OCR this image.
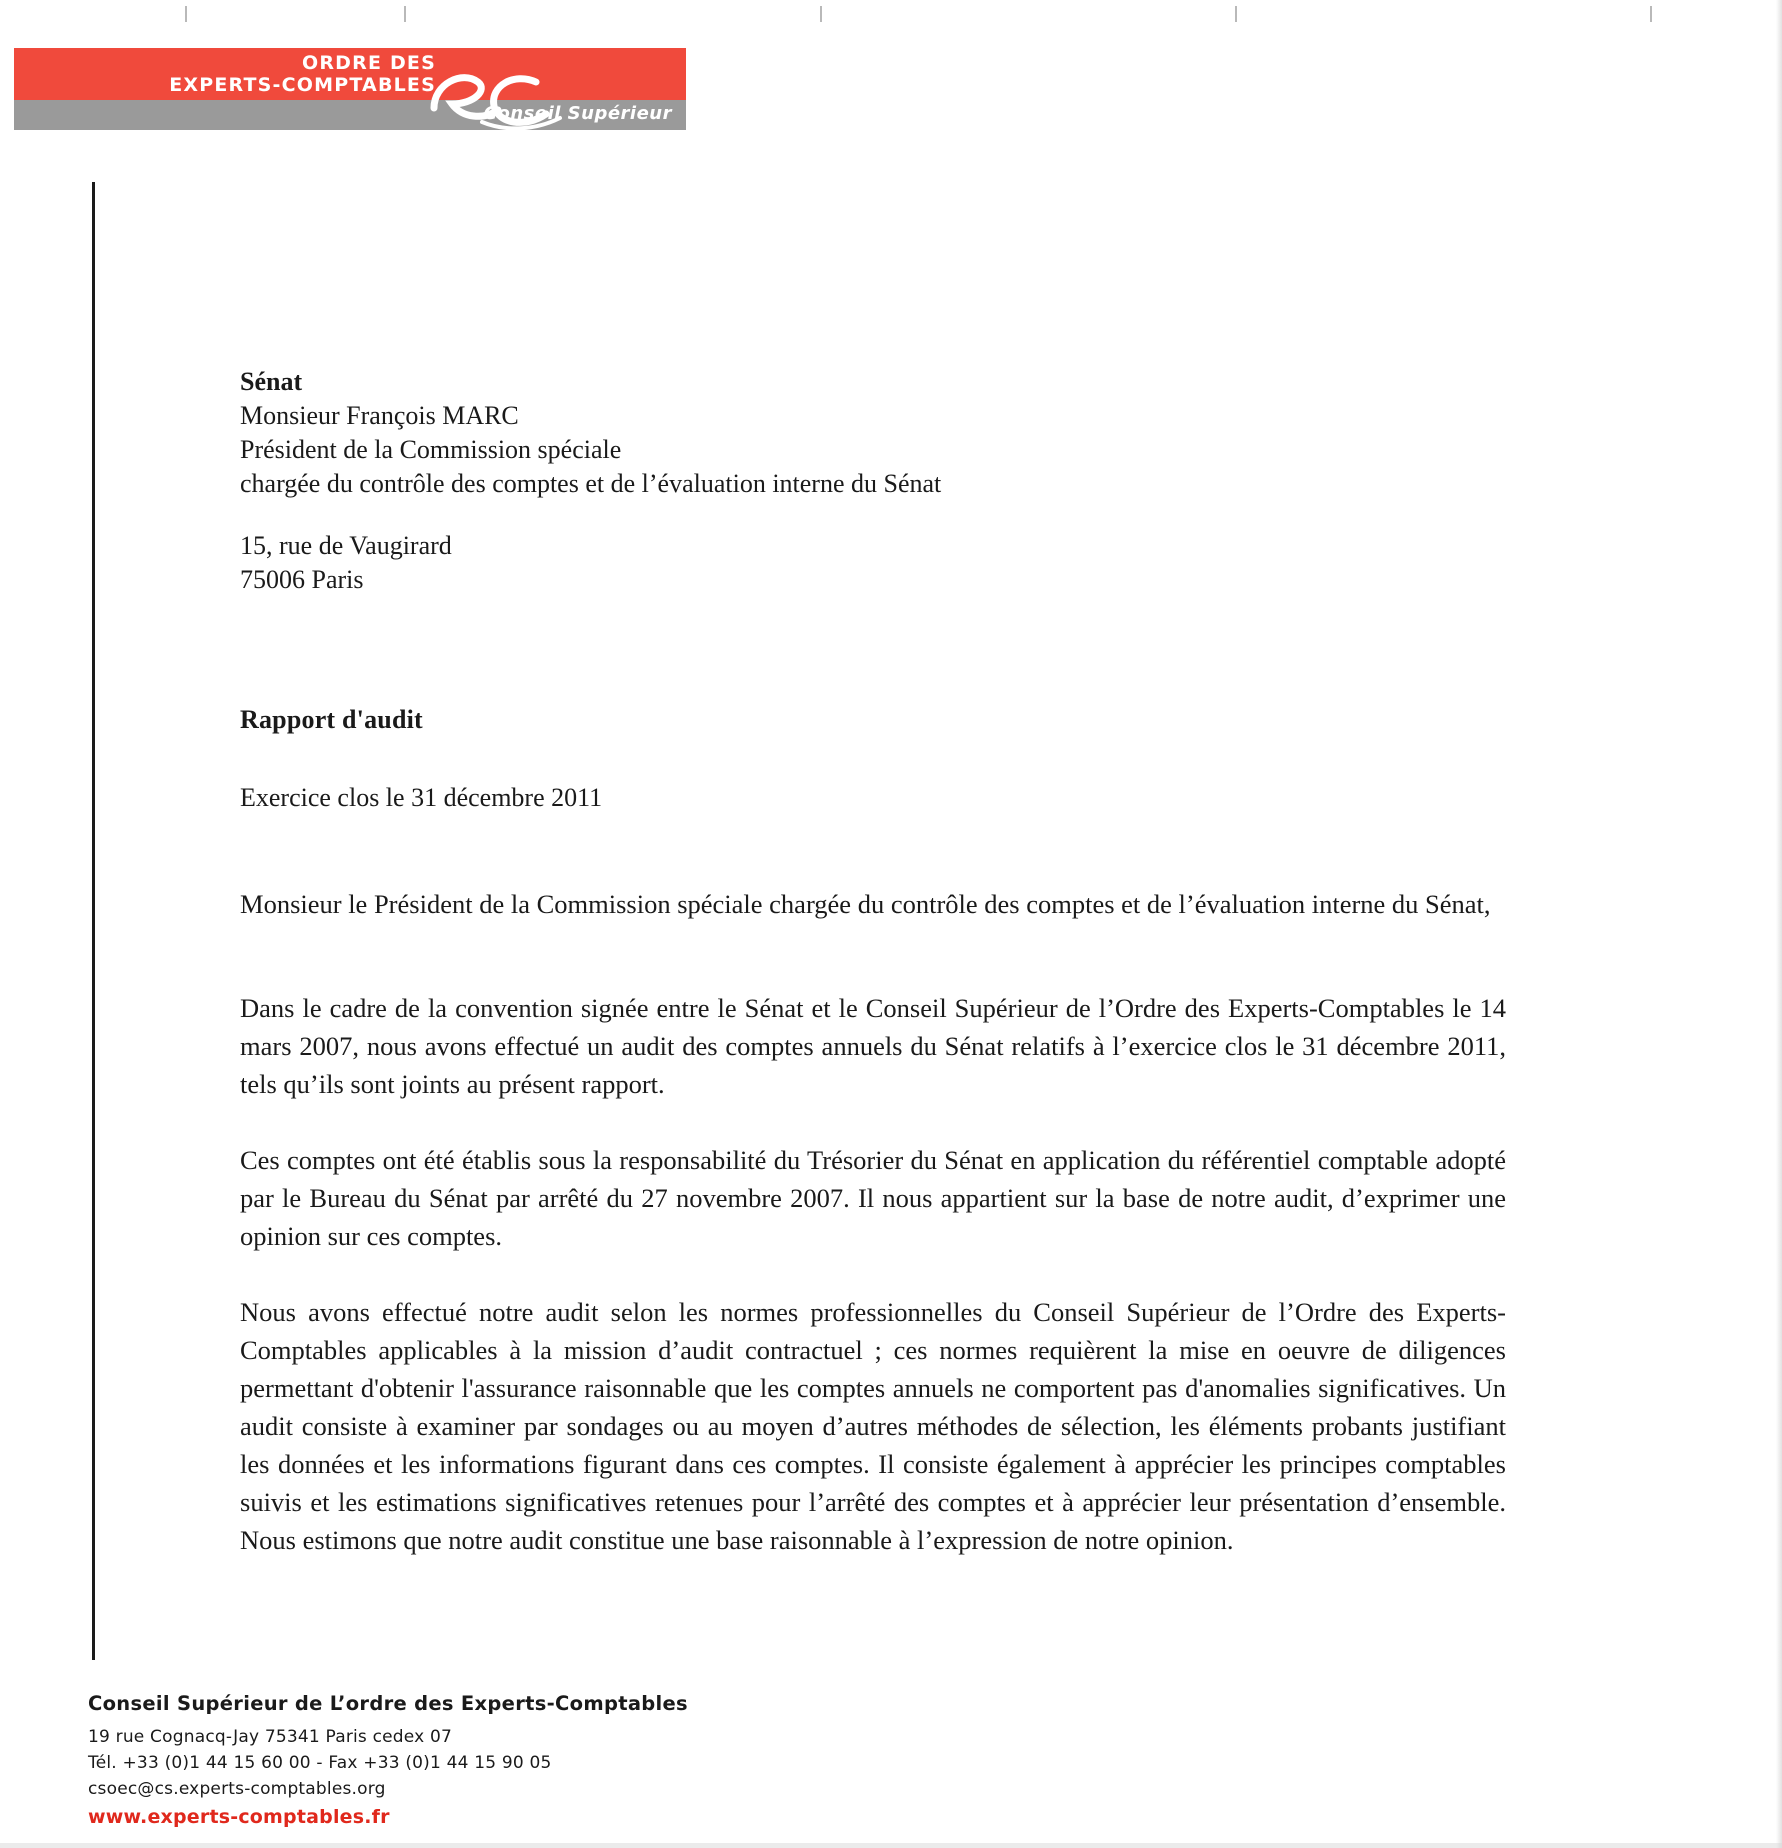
ORDRE DES
EXPERTS-COMPTABLES
Conseil Supérieur
Sénat
Monsieur François MARC
Président de la Commission spéciale
chargée du contrôle des comptes et de l’évaluation interne du Sénat
15, rue de Vaugirard
75006 Paris
Rapport d'audit
Exercice clos le 31 décembre 2011
Monsieur le Président de la Commission spéciale chargée du contrôle des comptes et de l’évaluation interne du Sénat,

Dans le cadre de la convention signée entre le Sénat et le Conseil Supérieur de l’Ordre des Experts-Comptables le 14 mars 2007, nous avons effectué un audit des comptes annuels du Sénat relatifs à l’exercice clos le 31 décembre 2011, tels qu’ils sont joints au présent rapport.

Ces comptes ont été établis sous la responsabilité du Trésorier du Sénat en application du référentiel comptable adopté par le Bureau du Sénat par arrêté du 27 novembre 2007. Il nous appartient sur la base de notre audit, d’exprimer une opinion sur ces comptes.

Nous avons effectué notre audit selon les normes professionnelles du Conseil Supérieur de l’Ordre des Experts-Comptables applicables à la mission d’audit contractuel ; ces normes requièrent la mise en oeuvre de diligences permettant d'obtenir l'assurance raisonnable que les comptes annuels ne comportent pas d'anomalies significatives. Un audit consiste à examiner par sondages ou au moyen d’autres méthodes de sélection, les éléments probants justifiant les données et les informations figurant dans ces comptes. Il consiste également à apprécier les principes comptables suivis et les estimations significatives retenues pour l’arrêté des comptes et à apprécier leur présentation d’ensemble. Nous estimons que notre audit constitue une base raisonnable à l’expression de notre opinion.

Conseil Supérieur de L’ordre des Experts-Comptables
19 rue Cognacq-Jay 75341 Paris cedex 07
Tél. +33 (0)1 44 15 60 00 - Fax +33 (0)1 44 15 90 05
csoec@cs.experts-comptables.org
www.experts-comptables.fr
